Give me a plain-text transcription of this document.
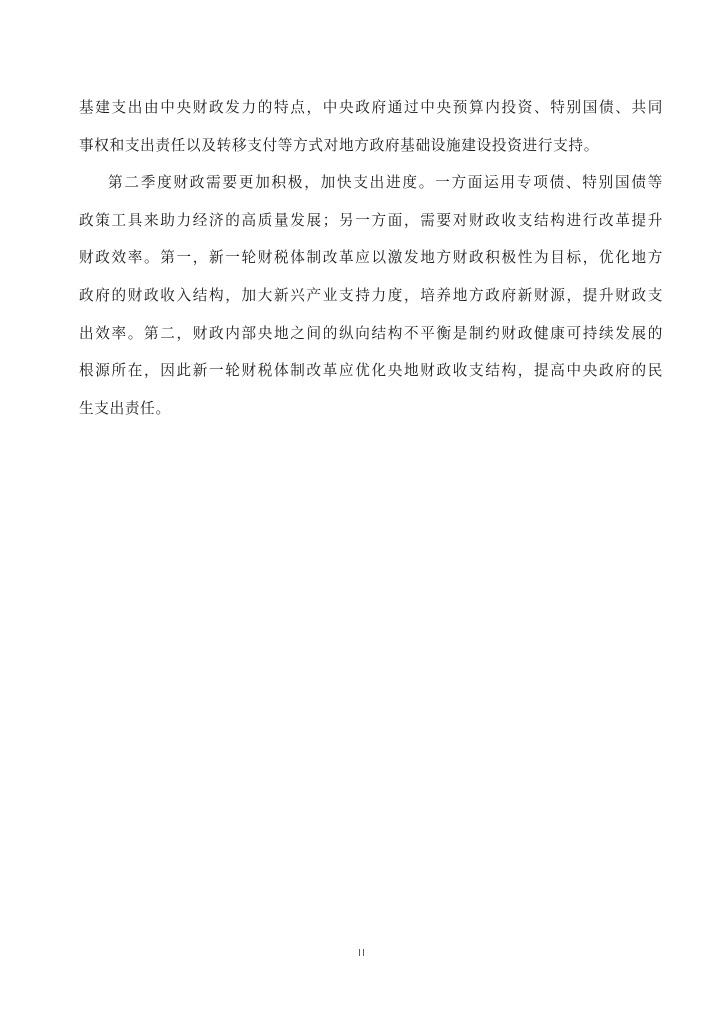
基建支出由中央财政发力的特点，中央政府通过中央预算内投资、特别国债、共同
事权和支出责任以及转移支付等方式对地方政府基础设施建设投资进行支持。
第二季度财政需要更加积极，加快支出进度。一方面运用专项债、特别国债等
政策工具来助力经济的高质量发展；另一方面，需要对财政收支结构进行改革提升
财政效率。第一，新一轮财税体制改革应以激发地方财政积极性为目标，优化地方
政府的财政收入结构，加大新兴产业支持力度，培养地方政府新财源，提升财政支
出效率。第二，财政内部央地之间的纵向结构不平衡是制约财政健康可持续发展的
根源所在，因此新一轮财税体制改革应优化央地财政收支结构，提高中央政府的民
生支出责任。
II
